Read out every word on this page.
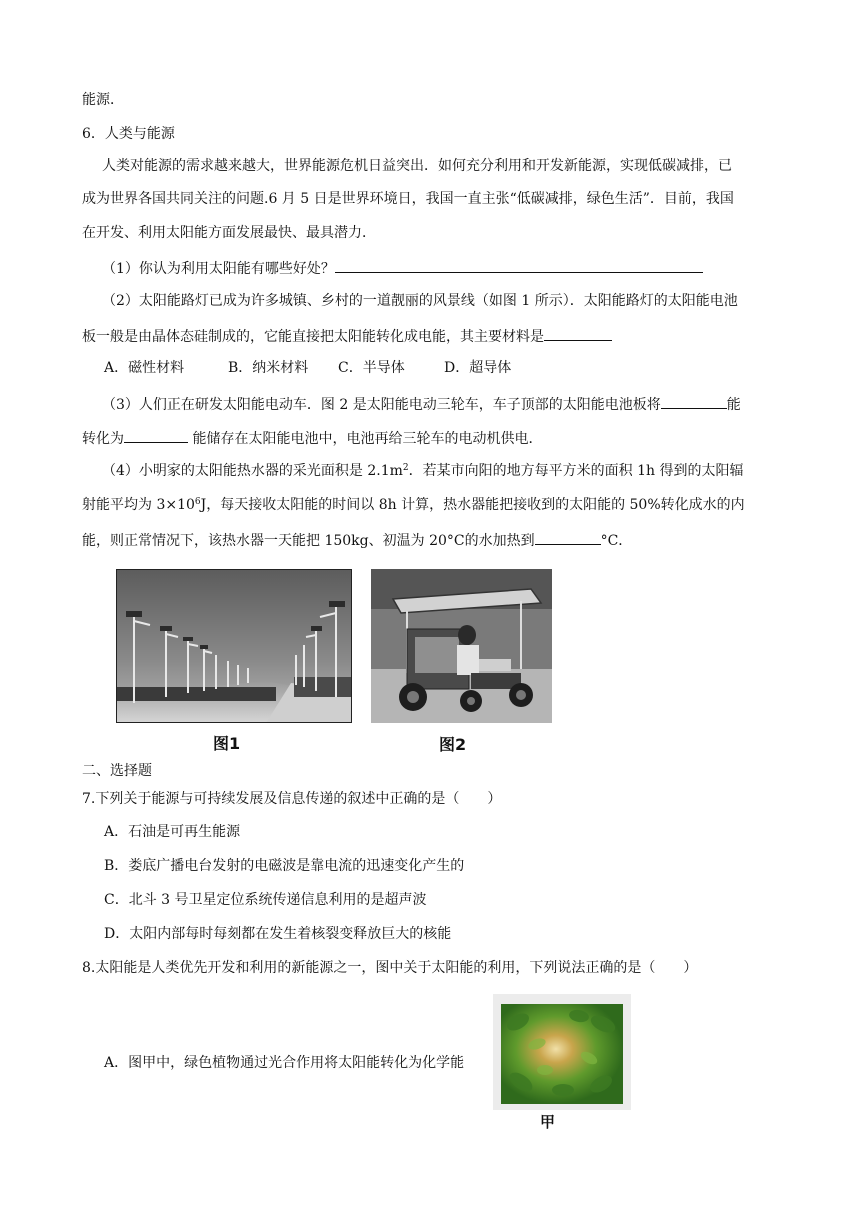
能源．
6．人类与能源
人类对能源的需求越来越大，世界能源危机日益突出．如何充分利用和开发新能源，实现低碳减排，已
成为世界各国共同关注的问题.6 月 5 日是世界环境日，我国一直主张“低碳减排，绿色生活”．目前，我国
在开发、利用太阳能方面发展最快、最具潜力．
（1）你认为利用太阳能有哪些好处？
（2）太阳能路灯已成为许多城镇、乡村的一道靓丽的风景线（如图 1 所示）．太阳能路灯的太阳能电池
板一般是由晶体态硅制成的，它能直接把太阳能转化成电能，其主要材料是
A．磁性材料	B．纳米材料 C．半导体	D．超导体
（3）人们正在研发太阳能电动车．图 2 是太阳能电动三轮车，车子顶部的太阳能电池板将	能
转化为	能储存在太阳能电池中，电池再给三轮车的电动机供电．
（4）小明家的太阳能热水器的采光面积是 $2.1m^2$．若某市向阳的地方每平方米的面积 1h 得到的太阳辐
射能平均为 $3\times 10^6J$，每天接收太阳能的时间以 8h 计算，热水器能把接收到的太阳能的 50%转化成水的内
能，则正常情况下，该热水器一天能把 150kg、初温为 20°C的水加热到	°C．
图1	图2
二、选择题
7.下列关于能源与可持续发展及信息传递的叙述中正确的是（　　）
A．石油是可再生能源
B．娄底广播电台发射的电磁波是靠电流的迅速变化产生的
C．北斗 3 号卫星定位系统传递信息利用的是超声波
D．太阳内部每时每刻都在发生着核裂变释放巨大的核能
8.太阳能是人类优先开发和利用的新能源之一，图中关于太阳能的利用，下列说法正确的是（　　）
A．图甲中，绿色植物通过光合作用将太阳能转化为化学能
甲
